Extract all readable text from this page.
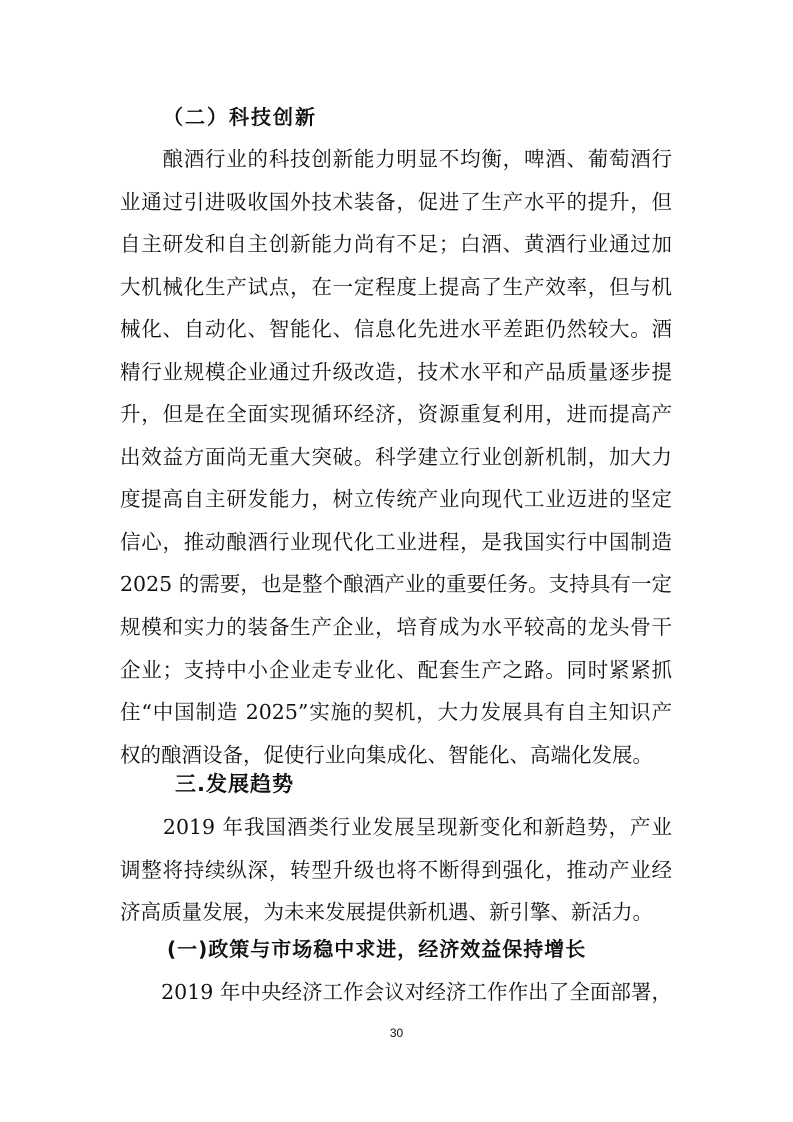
（二）科技创新
　　酿酒行业的科技创新能力明显不均衡，啤酒、葡萄酒行
业通过引进吸收国外技术装备，促进了生产水平的提升，但
自主研发和自主创新能力尚有不足；白酒、黄酒行业通过加
大机械化生产试点，在一定程度上提高了生产效率，但与机
械化、自动化、智能化、信息化先进水平差距仍然较大。酒
精行业规模企业通过升级改造，技术水平和产品质量逐步提
升，但是在全面实现循环经济，资源重复利用，进而提高产
出效益方面尚无重大突破。科学建立行业创新机制，加大力
度提高自主研发能力，树立传统产业向现代工业迈进的坚定
信心，推动酿酒行业现代化工业进程，是我国实行中国制造
2025 的需要，也是整个酿酒产业的重要任务。支持具有一定
规模和实力的装备生产企业，培育成为水平较高的龙头骨干
企业；支持中小企业走专业化、配套生产之路。同时紧紧抓
住“中国制造 2025”实施的契机，大力发展具有自主知识产
权的酿酒设备，促使行业向集成化、智能化、高端化发展。
三.发展趋势
　　2019 年我国酒类行业发展呈现新变化和新趋势，产业
调整将持续纵深，转型升级也将不断得到强化，推动产业经
济高质量发展，为未来发展提供新机遇、新引擎、新活力。
(一)政策与市场稳中求进，经济效益保持增长
　　2019 年中央经济工作会议对经济工作作出了全面部署，
30
